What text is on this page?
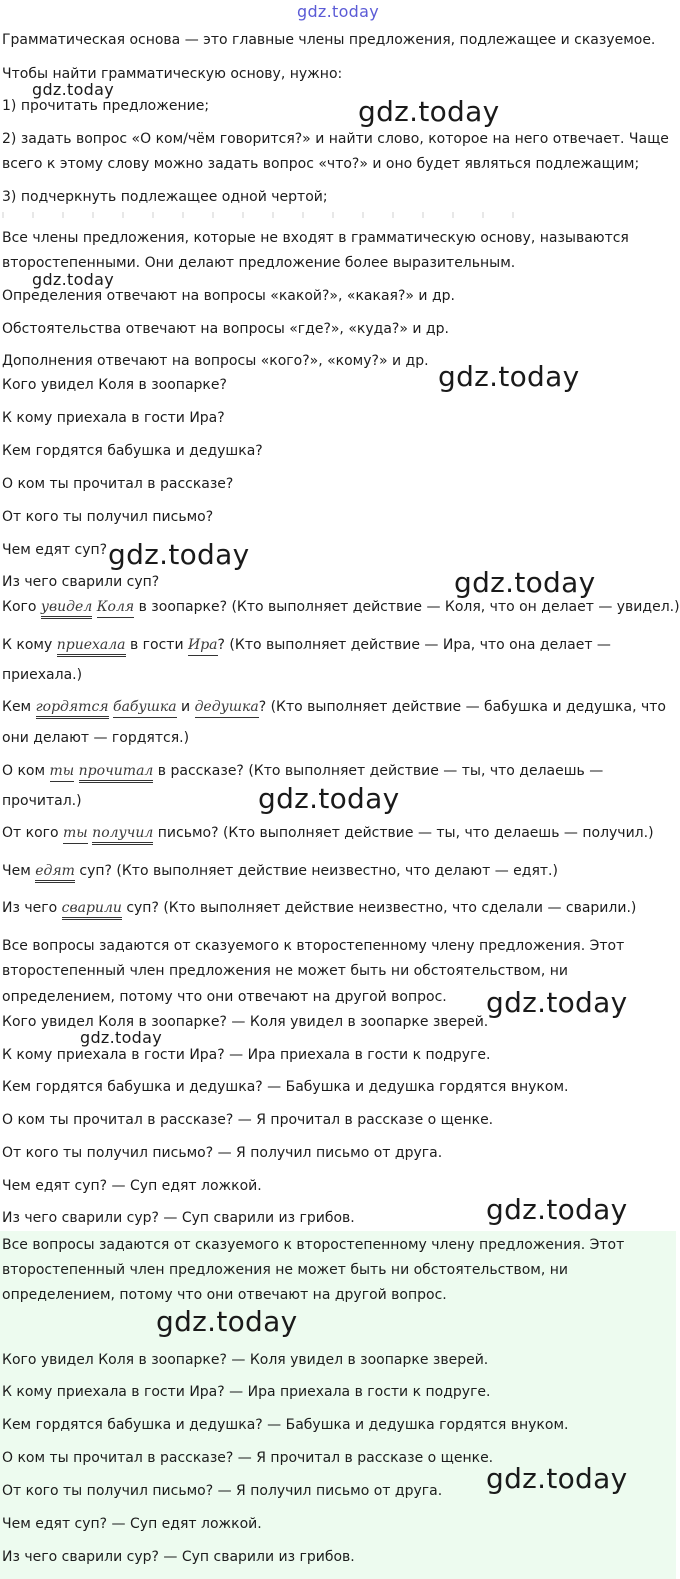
gdz.today
gdz.today
gdz.today
gdz.today
gdz.today
gdz.today
gdz.today
gdz.today
gdz.today
gdz.today
gdz.today
gdz.today
gdz.today
Грамматическая основа — это главные члены предложения, подлежащее и сказуемое.
Чтобы найти грамматическую основу, нужно:
1) прочитать предложение;
2) задать вопрос «О ком/чём говорится?» и найти слово, которое на него отвечает. Чаще
всего к этому слову можно задать вопрос «что?» и оно будет являться подлежащим;
3) подчеркнуть подлежащее одной чертой;
Все члены предложения, которые не входят в грамматическую основу, называются
второстепенными. Они делают предложение более выразительным.
Определения отвечают на вопросы «какой?», «какая?» и др.
Обстоятельства отвечают на вопросы «где?», «куда?» и др.
Дополнения отвечают на вопросы «кого?», «кому?» и др.
Кого увидел Коля в зоопарке?
К кому приехала в гости Ира?
Кем гордятся бабушка и дедушка?
О ком ты прочитал в рассказе?
От кого ты получил письмо?
Чем едят суп?
Из чего сварили суп?
Кого увидел Коля в зоопарке? (Кто выполняет действие — Коля, что он делает — увидел.)
К кому приехала в гости Ира? (Кто выполняет действие — Ира, что она делает —
приехала.)
Кем гордятся бабушка и дедушка? (Кто выполняет действие — бабушка и дедушка, что
они делают — гордятся.)
О ком ты прочитал в рассказе? (Кто выполняет действие — ты, что делаешь —
прочитал.)
От кого ты получил письмо? (Кто выполняет действие — ты, что делаешь — получил.)
Чем едят суп? (Кто выполняет действие неизвестно, что делают — едят.)
Из чего сварили суп? (Кто выполняет действие неизвестно, что сделали — сварили.)
Все вопросы задаются от сказуемого к второстепенному члену предложения. Этот
второстепенный член предложения не может быть ни обстоятельством, ни
определением, потому что они отвечают на другой вопрос.
Кого увидел Коля в зоопарке? — Коля увидел в зоопарке зверей.
К кому приехала в гости Ира? — Ира приехала в гости к подруге.
Кем гордятся бабушка и дедушка? — Бабушка и дедушка гордятся внуком.
О ком ты прочитал в рассказе? — Я прочитал в рассказе о щенке.
От кого ты получил письмо? — Я получил письмо от друга.
Чем едят суп? — Суп едят ложкой.
Из чего сварили сур? — Суп сварили из грибов.
Все вопросы задаются от сказуемого к второстепенному члену предложения. Этот
второстепенный член предложения не может быть ни обстоятельством, ни
определением, потому что они отвечают на другой вопрос.
Кого увидел Коля в зоопарке? — Коля увидел в зоопарке зверей.
К кому приехала в гости Ира? — Ира приехала в гости к подруге.
Кем гордятся бабушка и дедушка? — Бабушка и дедушка гордятся внуком.
О ком ты прочитал в рассказе? — Я прочитал в рассказе о щенке.
От кого ты получил письмо? — Я получил письмо от друга.
Чем едят суп? — Суп едят ложкой.
Из чего сварили сур? — Суп сварили из грибов.
